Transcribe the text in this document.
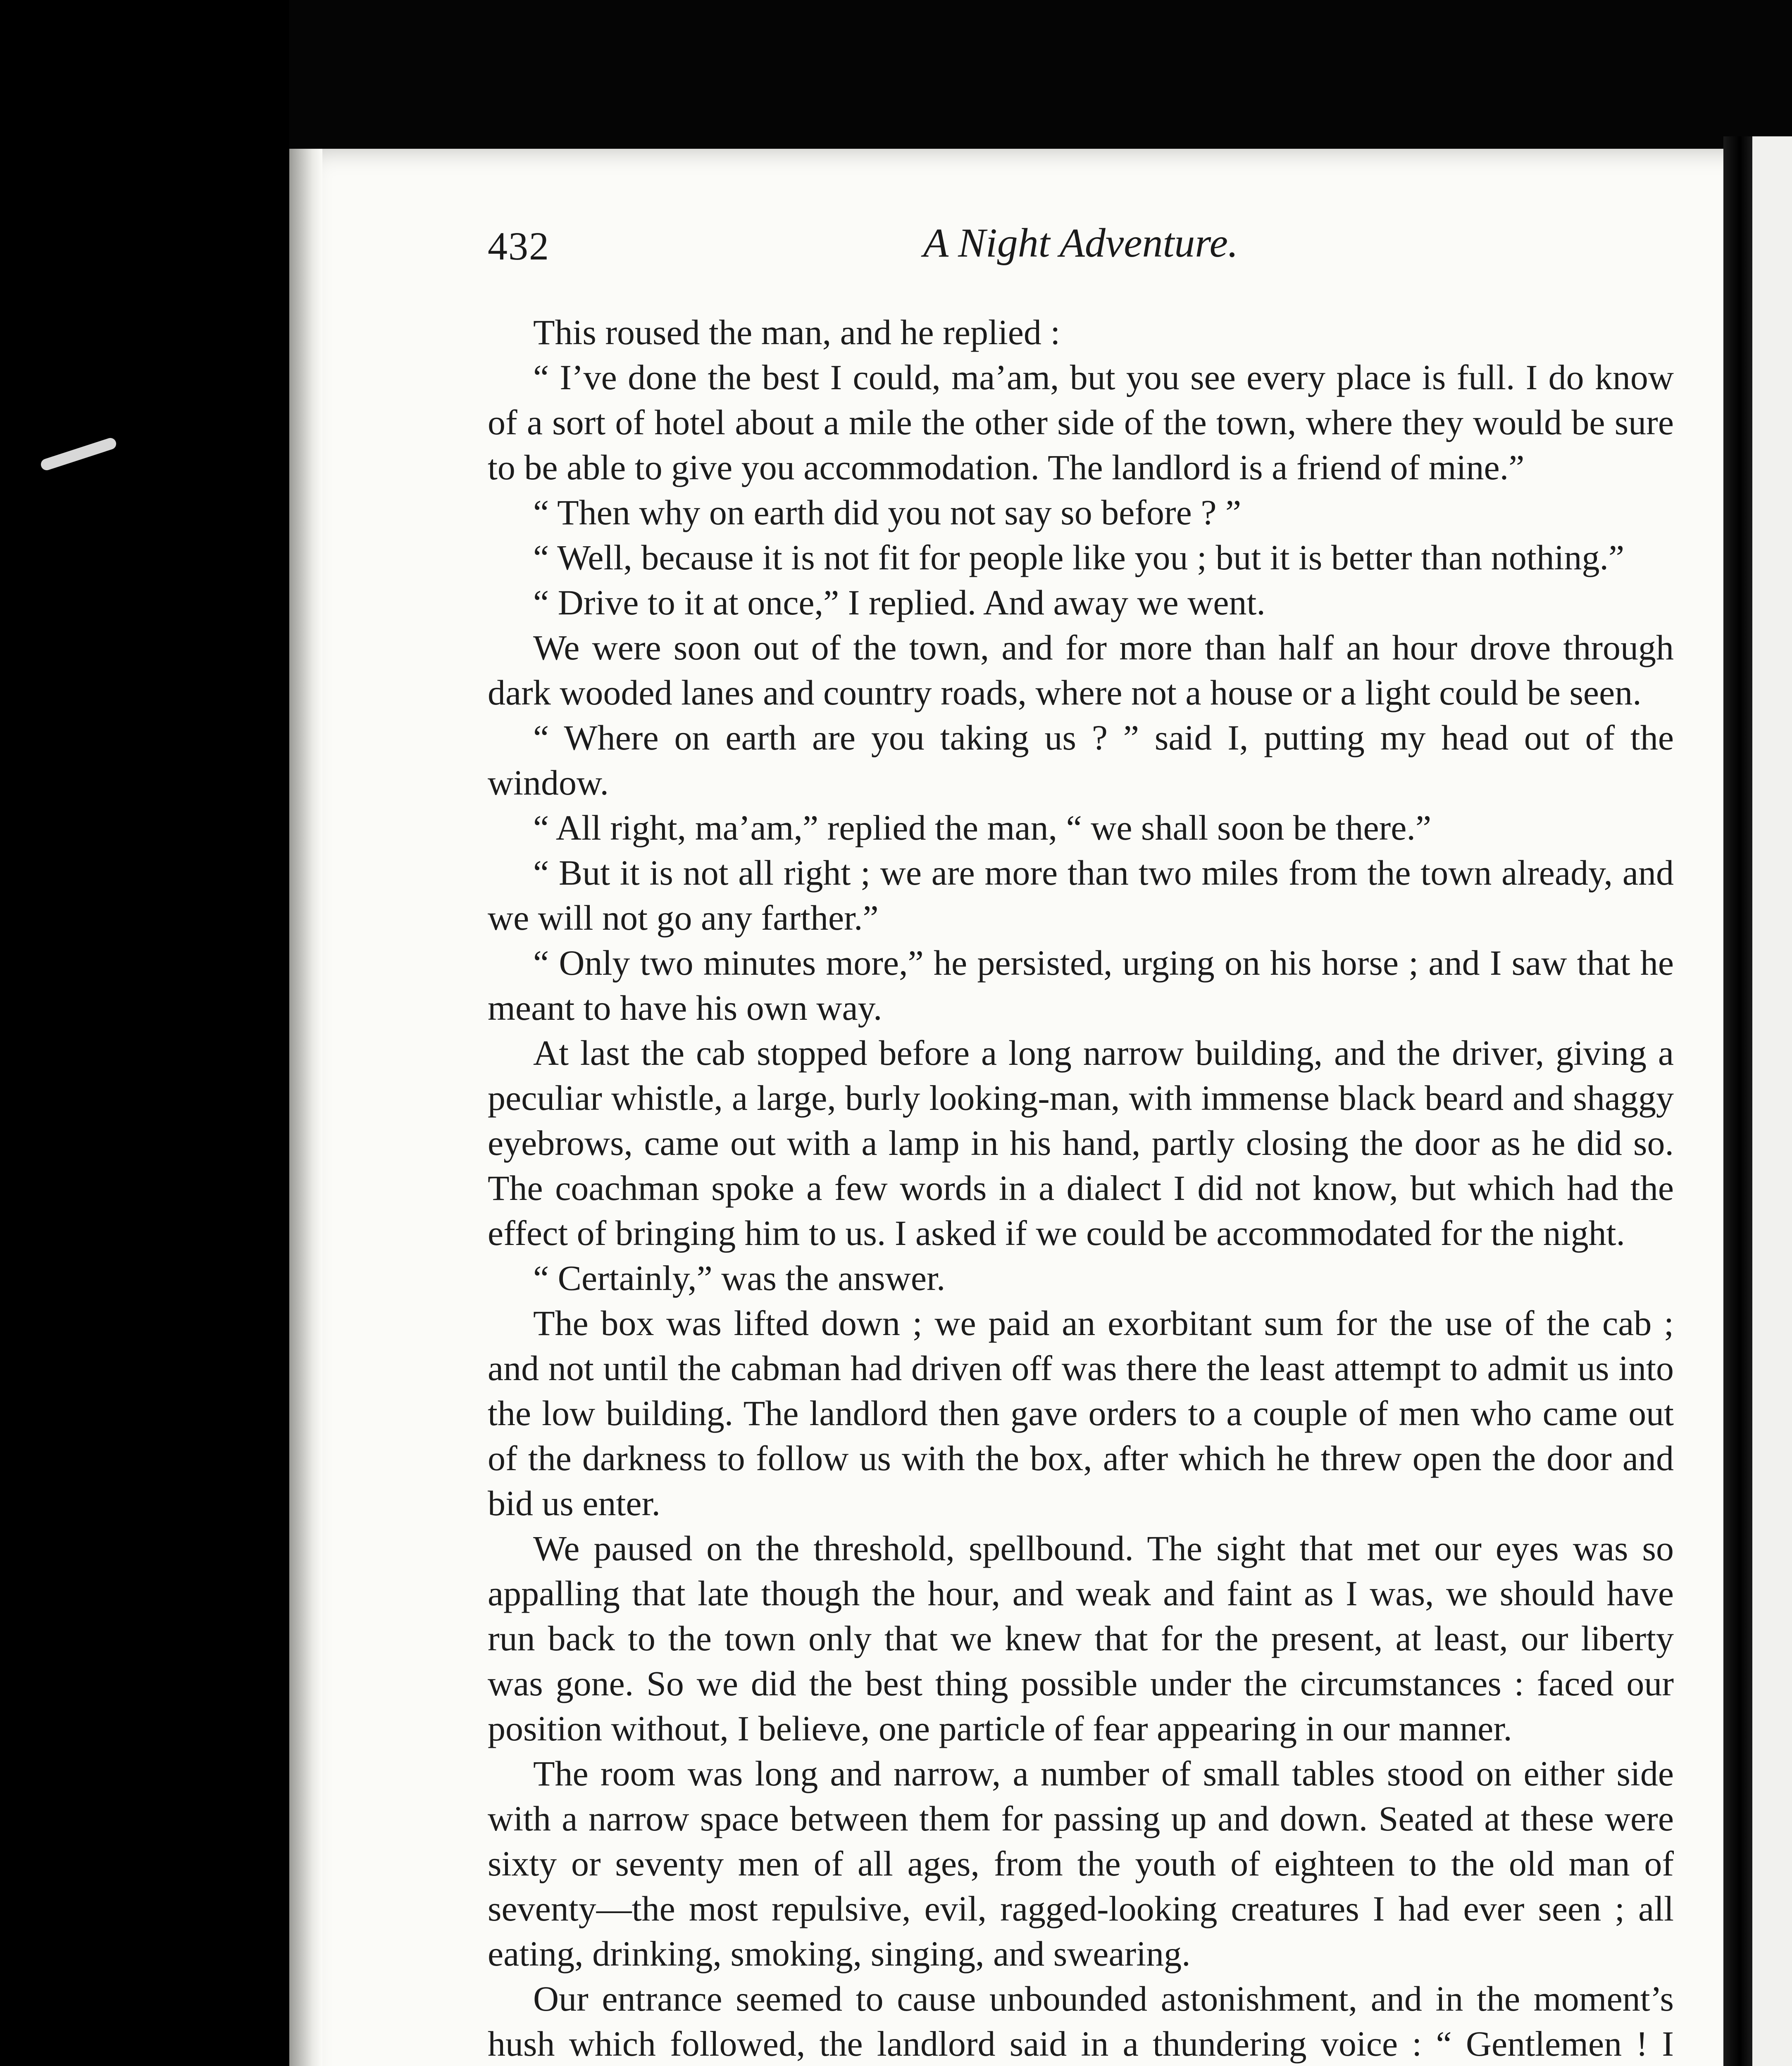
432	A Night Adventure.

This roused the man, and he replied :

“ I’ve done the best I could, ma’am, but you see every place is full. I do know of a sort of hotel about a mile the other side of the town, where they would be sure to be able to give you accommodation. The landlord is a friend of mine.”

“ Then why on earth did you not say so before ? ”

“ Well, because it is not fit for people like you ; but it is better than nothing.”

“ Drive to it at once,” I replied. And away we went.

We were soon out of the town, and for more than half an hour drove through dark wooded lanes and country roads, where not a house or a light could be seen.

“ Where on earth are you taking us ? ” said I, putting my head out of the window.

“ All right, ma’am,” replied the man, “ we shall soon be there.”

“ But it is not all right ; we are more than two miles from the town already, and we will not go any farther.”

“ Only two minutes more,” he persisted, urging on his horse ; and I saw that he meant to have his own way.

At last the cab stopped before a long narrow building, and the driver, giving a peculiar whistle, a large, burly looking-man, with immense black beard and shaggy eyebrows, came out with a lamp in his hand, partly closing the door as he did so. The coachman spoke a few words in a dialect I did not know, but which had the effect of bringing him to us. I asked if we could be accommodated for the night.

“ Certainly,” was the answer.

The box was lifted down ; we paid an exorbitant sum for the use of the cab ; and not until the cabman had driven off was there the least attempt to admit us into the low building. The landlord then gave orders to a couple of men who came out of the darkness to follow us with the box, after which he threw open the door and bid us enter.

We paused on the threshold, spellbound. The sight that met our eyes was so appalling that late though the hour, and weak and faint as I was, we should have run back to the town only that we knew that for the present, at least, our liberty was gone. So we did the best thing possible under the circumstances : faced our position without, I believe, one particle of fear appearing in our manner.

The room was long and narrow, a number of small tables stood on either side with a narrow space between them for passing up and down. Seated at these were sixty or seventy men of all ages, from the youth of eighteen to the old man of seventy—the most repulsive, evil, ragged-looking creatures I had ever seen ; all eating, drinking, smoking, singing, and swearing.

Our entrance seemed to cause unbounded astonishment, and in the moment’s hush which followed, the landlord said in a thundering voice : “ Gentlemen ! I
